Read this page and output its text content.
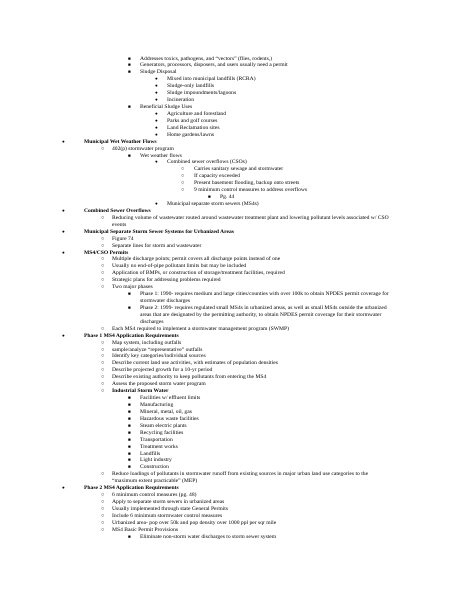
■ Addresses toxics, pathogens, and “vectors” (flies, rodents,)
■ Generators, processors, disposers, and users usually need a permit
■ Sludge Disposal
● Mixed into municipal landfills (RCRA)
● Sludge-only landfills
● Sludge impoundments/lagoons
● Incineration
■ Beneficial Sludge Uses
● Agriculture and forestland
● Parks and golf courses
● Land Reclamation sites
● Home gardens/lawns
●	Municipal Wet Weather Flows
○ 402(p) stormwater program
■ Wet weather flows
● Combined sewer overflows (CSOs)
○ Carries sanitary sewage and stormwater
○ If capacity exceeded
○ Present basement flooding, backup onto streets
○ 9 minimum control measures to address overflows
■ Pg. 44
● Municipal separate storm sewers (MS4s)
●	Combined Sewer Overflows
○ Reducing volume of wastewater routed around wastewater treatment plant and lowering pollutant levels associated w/ CSO
events
●	Municipal Separate Storm Sewer Systems for Urbanized Areas
○ Figure 74
○ Separate lines for storm and wastewater
●	MS4/CSO Permits
○ Multiple discharge points; permit covers all discharge points instead of one
○ Usually no end-of-pipe pollutant limits but may be included
○ Application of BMPs, or construction of storage/treatment facilities, required
○ Strategic plans for addressing problems required
○ Two major phases
■ Phase 1: 1990- requires medium and large cities/counties with over 100k to obtain NPDES permit coverage for
stormwater discharges
■ Phase 2: 1999- requires regulated small MS4s in urbanized areas, as well as small MS4s outside the urbanized
areas that are designated by the permitting authority, to obtain NPDES permit coverage for their stormwater
discharges
○ Each MS4 required to implement a stormwater management program (SWMP)
●	Phase 1 MS4 Application Requirements
○ Map system, including outfalls
○ sample/analyze “representative” outfalls
○ Identify key categories/individual sources
○ Describe current land use activities, with estimates of population densities
○ Describe projected growth for a 10-yr period
○ Describe existing authority to keep pollutants from entering the MS4
○ Assess the proposed storm water program
○ Industrial Storm Water
■ Facilities w/ effluent limits
■ Manufacturing
■ Mineral, metal, oil, gas
■ Hazardous waste facilities
■ Steam electric plants
■ Recycling facilities
■ Transportation
■ Treatment works
■ Landfills
■ Light industry
■ Construction
○ Reduce loadings of pollutants in stormwater runoff from existing sources in major urban land use categories to the
“maximum extent practicable” (MEP)
●	Phase 2 MS4 Application Requirements
○ 6 minimum control measures (pg. 48)
○ Apply to separate storm sewers in urbanized areas
○ Usually implemented through state General Permits
○ Include 6 minimum stormwater control measures
○ Urbanized area- pop over 50k and pop density over 1000 ppl per sqr mile
○ MS4 Basic Permit Provisions
■ Eliminate non-storm water discharges to storm sewer system
